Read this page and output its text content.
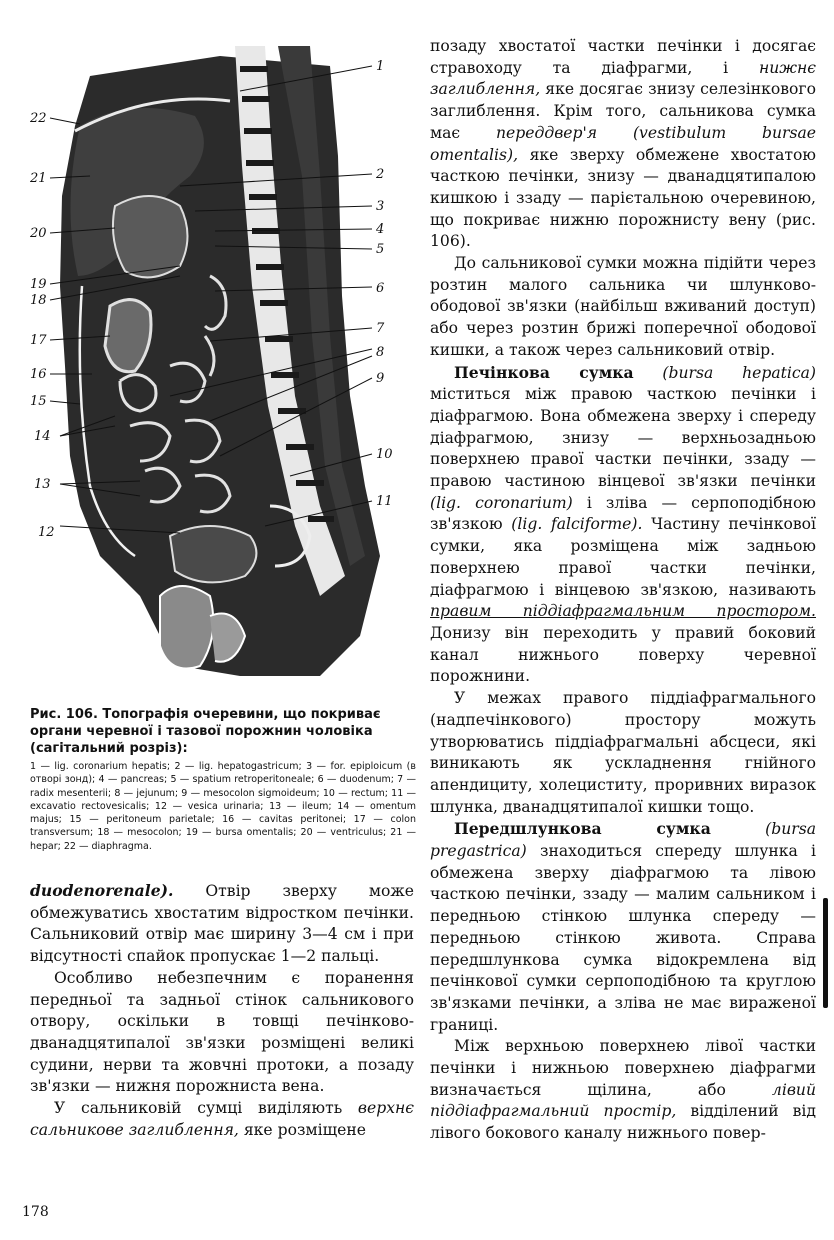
1
2
3
4
5
6
7
8
9
10
11
12
13
14
15
16
17
18
19
20
21
22
Рис. 106. Топографія очеревини, що покриває органи черевної і тазової порожнин чоловіка (сагітальний розріз):
1 — lig. coronarium hepatis; 2 — lig. hepatogastricum; 3 — for. epiploicum (в отворі зонд); 4 — pancreas; 5 — spatium retroperitoneale; 6 — duodenum; 7 — radix mesenterii; 8 — jejunum; 9 — mesocolon sigmoideum; 10 — rectum; 11 — excavatio rectovesicalis; 12 — vesica urinaria; 13 — ileum; 14 — omentum majus; 15 — peritoneum parietale; 16 — cavitas peritonei; 17 — colon transversum; 18 — mesocolon; 19 — bursa omentalis; 20 — ventriculus; 21 — hepar; 22 — diaphragma.

duodenorenale). Отвір зверху може обмежуватись хвостатим відростком печінки. Сальниковий отвір має ширину 3—4 см і при відсутності спайок пропускає 1—2 пальці.

Особливо небезпечним є поранення передньої та задньої стінок сальникового отвору, оскільки в товщі печінково-дванадцятипалої зв'язки розміщені великі судини, нерви та жовчні протоки, а позаду зв'язки — нижня порожниста вена.

У сальниковій сумці виділяють верхнє сальникове заглиблення, яке розміщене

позаду хвостатої частки печінки і досягає стравоходу та діафрагми, і нижнє заглиблення, яке досягає знизу селезінкового заглиблення. Крім того, сальникова сумка має переддвер'я (vestibulum bursae omentalis), яке зверху обмежене хвостатою часткою печінки, знизу — дванадцятипалою кишкою і ззаду — парієтальною очеревиною, що покриває нижню порожнисту вену (рис. 106).

До сальникової сумки можна підійти через розтин малого сальника чи шлунково-ободової зв'язки (найбільш вживаний доступ) або через розтин брижі поперечної ободової кишки, а також через сальниковий отвір.

Печінкова сумка (bursa hepatica) міститься між правою часткою печінки і діафрагмою. Вона обмежена зверху і спереду діафрагмою, знизу — верхньозадньою поверхнею правої частки печінки, ззаду — правою частиною вінцевої зв'язки печінки (lig. coronarium) і зліва — серпоподібною зв'язкою (lig. falciforme). Частину печінкової сумки, яка розміщена між задньою поверхнею правої частки печінки, діафрагмою і вінцевою зв'язкою, називають правим піддіафрагмальним простором. Донизу він переходить у правий боковий канал нижнього поверху черевної порожнини.

У межах правого піддіафрагмального (надпечінкового) простору можуть утворюватись піддіафрагмальні абсцеси, які виникають як ускладнення гнійного апендициту, холециститу, проривних виразок шлунка, дванадцятипалої кишки тощо.

Передшлункова сумка (bursa pregastrica) знаходиться спереду шлунка і обмежена зверху діафрагмою та лівою часткою печінки, ззаду — малим сальником і передньою стінкою шлунка спереду — передньою стінкою живота. Справа передшлункова сумка відокремлена від печінкової сумки серпоподібною та круглою зв'язками печінки, а зліва не має вираженої границі.

Між верхньою поверхнею лівої частки печінки і нижньою поверхнею діафрагми визначається щілина, або лівий піддіафрагмальний простір, відділений від лівого бокового каналу нижнього повер-

178
